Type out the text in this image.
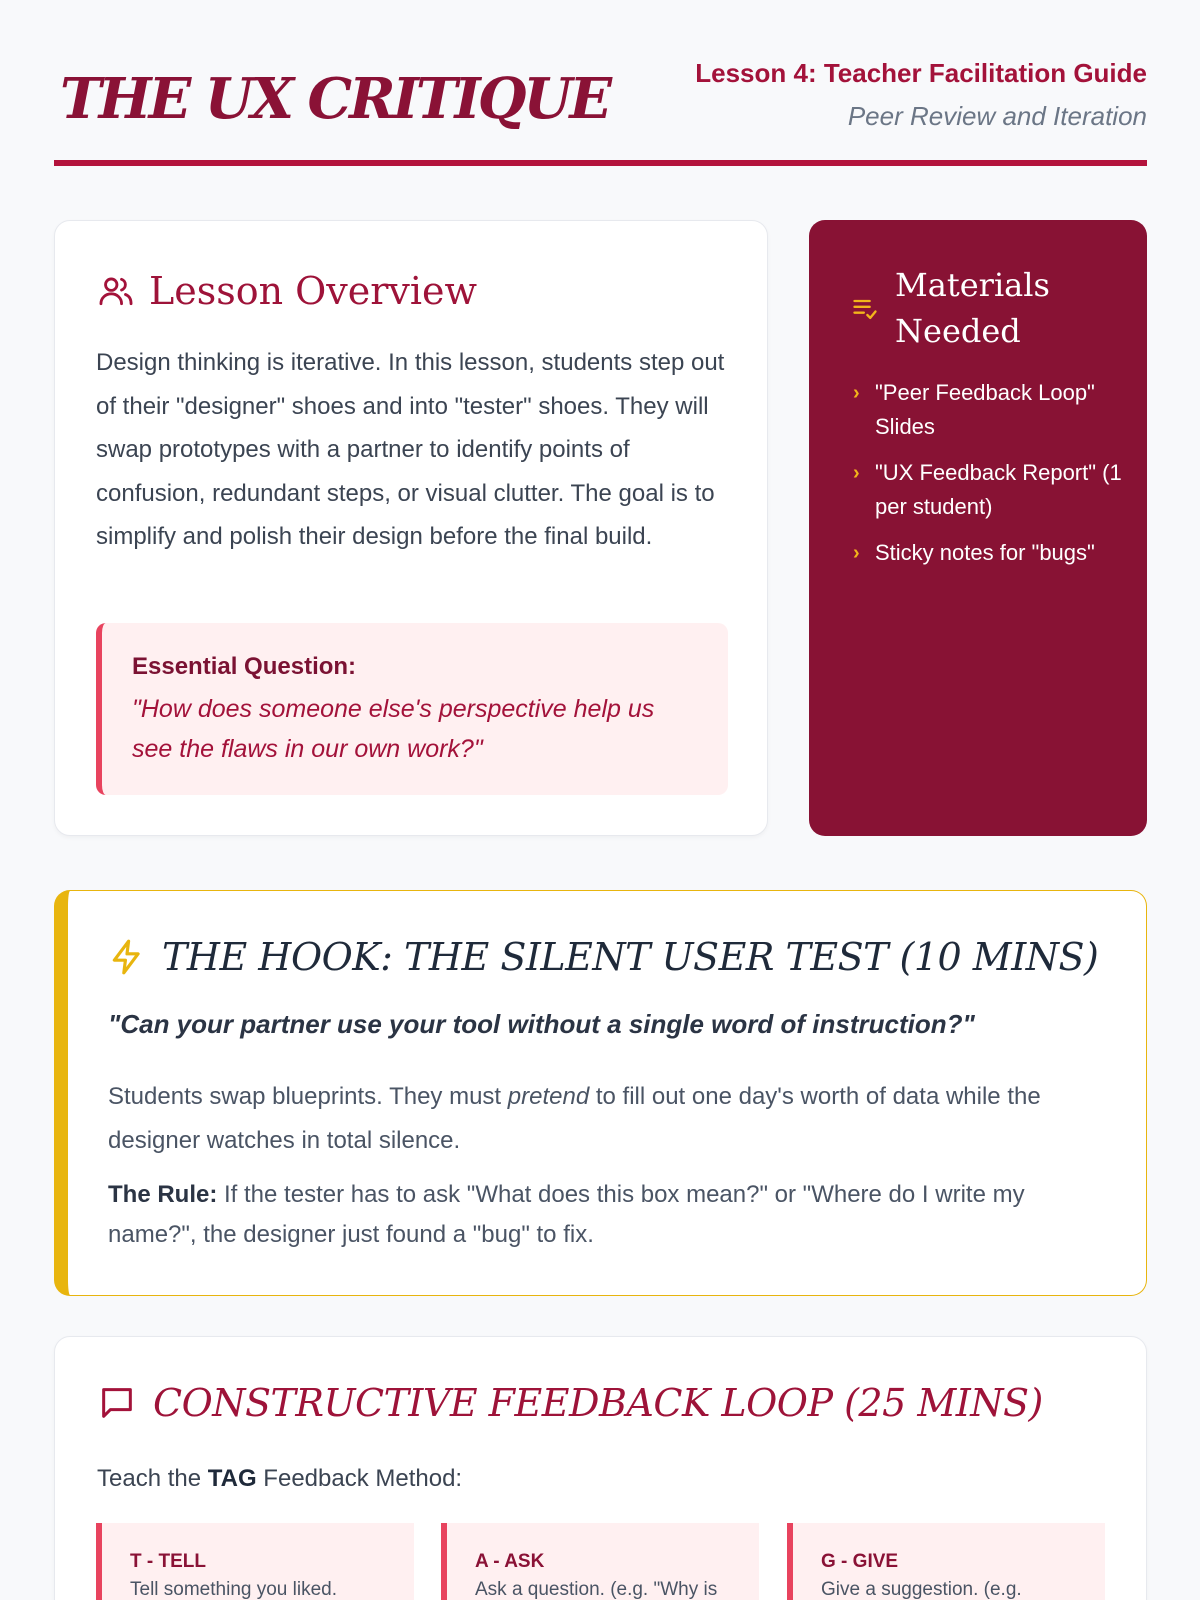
THE UX CRITIQUE	Lesson 4: Teacher Facilitation Guide
Peer Review and Iteration
Lesson Overview
Design thinking is iterative. In this lesson, students step out of their "designer" shoes and into "tester" shoes. They will swap prototypes with a partner to identify points of confusion, redundant steps, or visual clutter. The goal is to simplify and polish their design before the final build.
Essential Question:
"How does someone else's perspective help us see the flaws in our own work?"
Materials Needed
› "Peer Feedback Loop" Slides
› "UX Feedback Report" (1 per student)
› Sticky notes for "bugs"
THE HOOK: THE SILENT USER TEST (10 MINS)
"Can your partner use your tool without a single word of instruction?"
Students swap blueprints. They must pretend to fill out one day's worth of data while the designer watches in total silence.
The Rule: If the tester has to ask "What does this box mean?" or "Where do I write my name?", the designer just found a "bug" to fix.
CONSTRUCTIVE FEEDBACK LOOP (25 MINS)
Teach the TAG Feedback Method:
T - TELL
Tell something you liked.
A - ASK
Ask a question. (e.g. "Why is
G - GIVE
Give a suggestion. (e.g.
